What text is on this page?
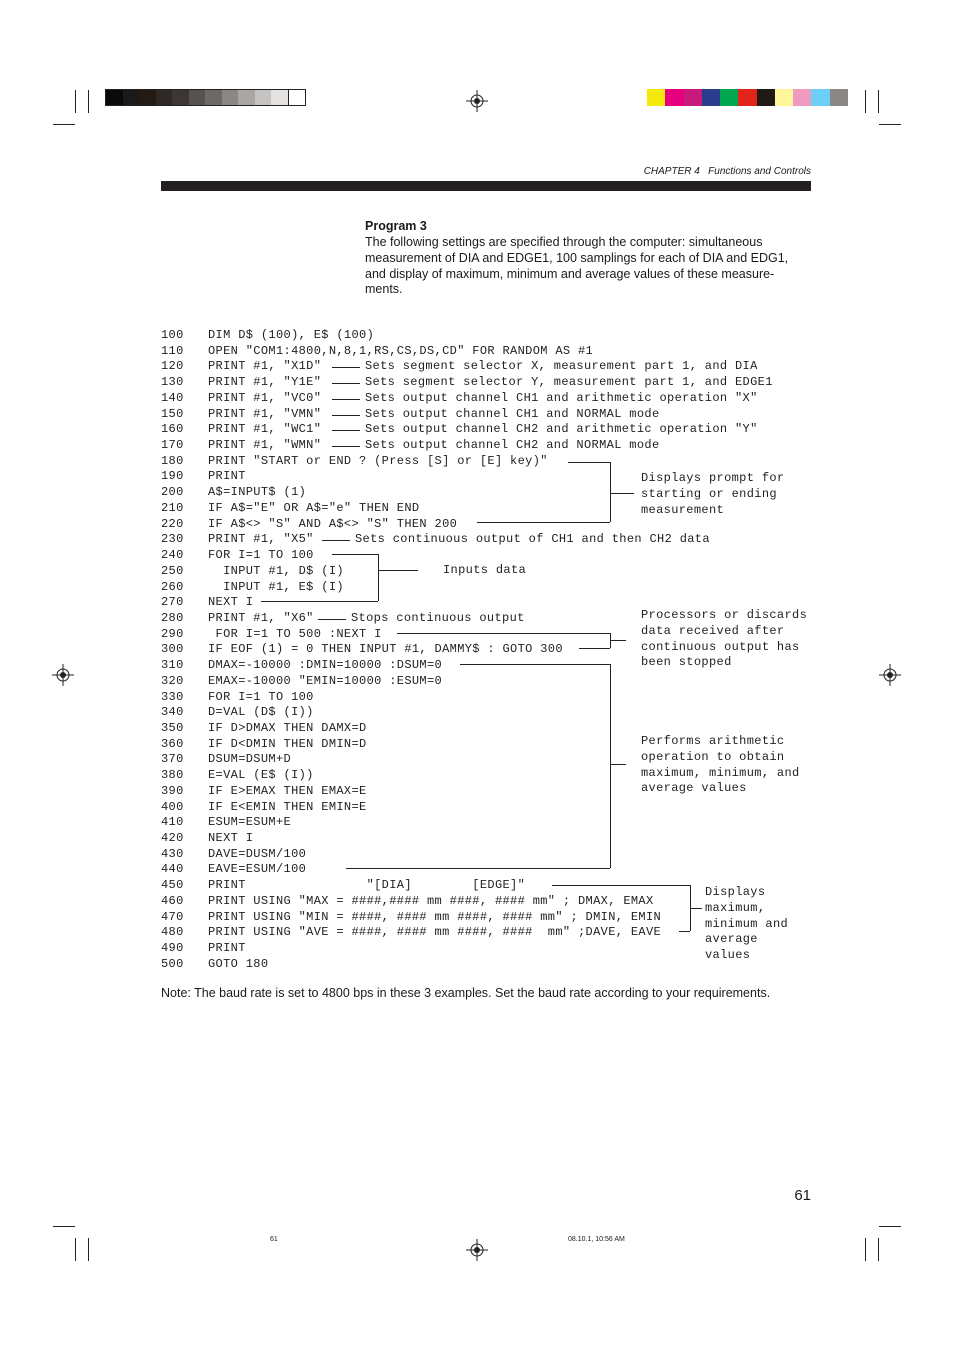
CHAPTER 4 Functions and Controls
Program 3
The following settings are specified through the computer: simultaneous
measurement of DIA and EDGE1, 100 samplings for each of DIA and EDG1,
and display of maximum, minimum and average values of these measure-
ments.
100 DIM D$ (100), E$ (100)
110 OPEN "COM1:4800,N,8,1,RS,CS,DS,CD" FOR RANDOM AS #1
120 PRINT #1, "X1D"	Sets segment selector X, measurement part 1, and DIA
130 PRINT #1, "Y1E"	Sets segment selector Y, measurement part 1, and EDGE1
140 PRINT #1, "VC0"	Sets output channel CH1 and arithmetic operation "X"
150 PRINT #1, "VMN"	Sets output channel CH1 and NORMAL mode
160 PRINT #1, "WC1"	Sets output channel CH2 and arithmetic operation "Y"
170 PRINT #1, "WMN"	Sets output channel CH2 and NORMAL mode
180 PRINT "START or END ? (Press [S] or [E] key)"
190 PRINT
200 A$=INPUT$ (1)
210 IF A$="E" OR A$="e" THEN END
220 IF A$<> "S" AND A$<> "S" THEN 200
230 PRINT #1, "X5"	Sets continuous output of CH1 and then CH2 data
240 FOR I=1 TO 100
250 INPUT #1, D$ (I)
260 INPUT #1, E$ (I)
270 NEXT I
280 PRINT #1, "X6"	Stops continuous output
290 FOR I=1 TO 500 :NEXT I
300 IF EOF (1) = 0 THEN INPUT #1, DAMMY$ : GOTO 300
310 DMAX=-10000 :DMIN=10000 :DSUM=0
320 EMAX=-10000 "EMIN=10000 :ESUM=0
330 FOR I=1 TO 100
340 D=VAL (D$ (I))
350 IF D>DMAX THEN DAMX=D
360 IF D<DMIN THEN DMIN=D
370 DSUM=DSUM+D
380 E=VAL (E$ (I))
390 IF E>EMAX THEN EMAX=E
400 IF E<EMIN THEN EMIN=E
410 ESUM=ESUM+E
420 NEXT I
430 DAVE=DUSM/100
440 EAVE=ESUM/100
450 PRINT                "[DIA]        [EDGE]"
460 PRINT USING "MAX = ####,#### mm ####, #### mm" ; DMAX, EMAX
470 PRINT USING "MIN = ####, #### mm ####, #### mm" ; DMIN, EMIN
480 PRINT USING "AVE = ####, #### mm ####, ####  mm" ;DAVE, EAVE
490 PRINT
500 GOTO 180
Displays prompt for
starting or ending
measurement
Inputs data
Processors or discards
data received after
continuous output has
been stopped
Performs arithmetic
operation to obtain
maximum, minimum, and
average values
Displays
maximum,
minimum and
average
values
Note: The baud rate is set to 4800 bps in these 3 examples. Set the baud rate according to your requirements.
61
61	08.10.1, 10:56 AM
